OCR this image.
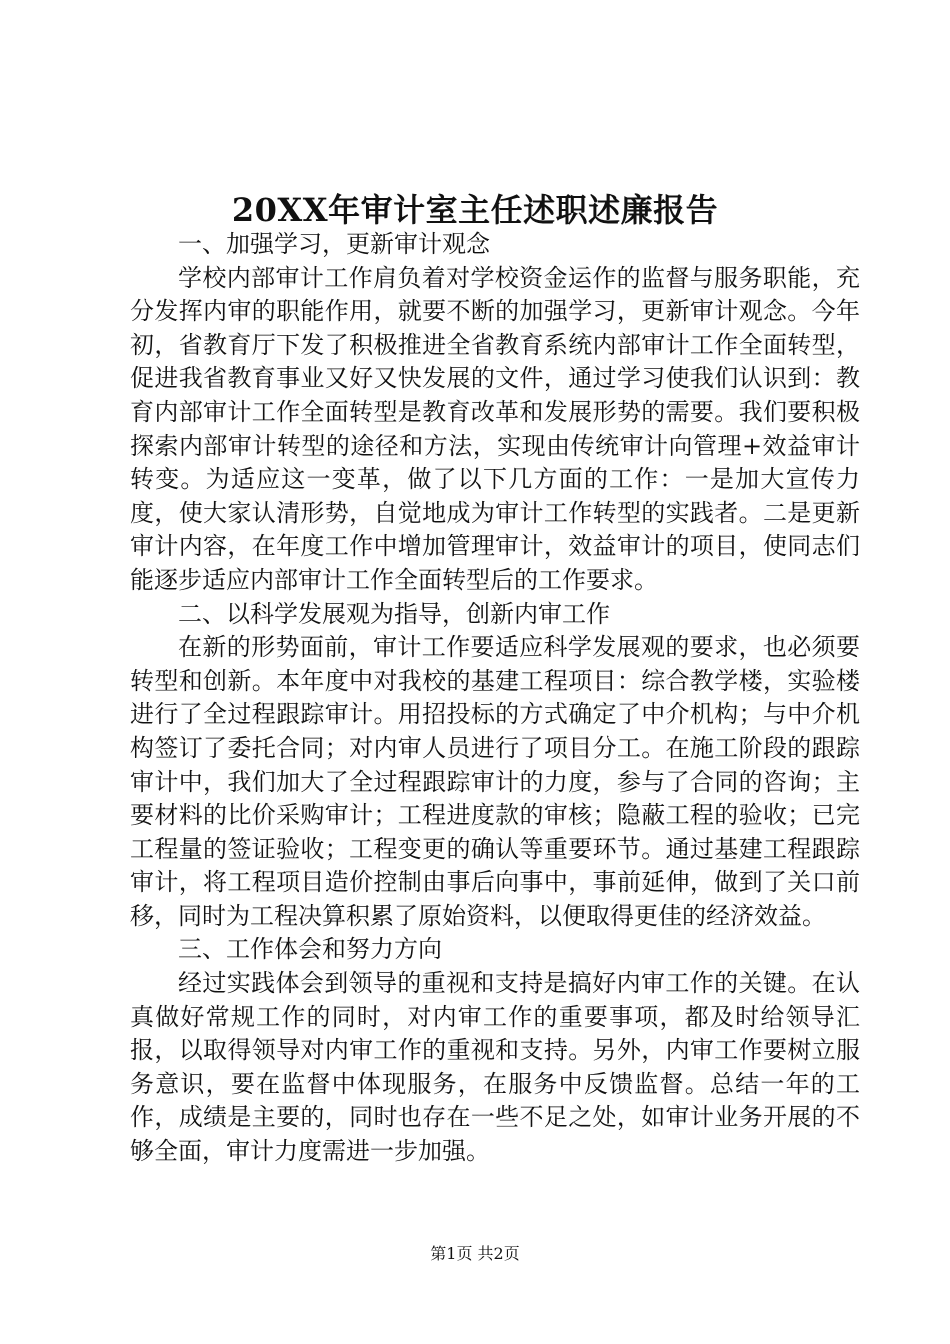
20XX年审计室主任述职述廉报告

一、加强学习，更新审计观念

学校内部审计工作肩负着对学校资金运作的监督与服务职能，充分发挥内审的职能作用，就要不断的加强学习，更新审计观念。今年初，省教育厅下发了积极推进全省教育系统内部审计工作全面转型，促进我省教育事业又好又快发展的文件，通过学习使我们认识到：教育内部审计工作全面转型是教育改革和发展形势的需要。我们要积极探索内部审计转型的途径和方法，实现由传统审计向管理+效益审计转变。为适应这一变革，做了以下几方面的工作：一是加大宣传力度，使大家认清形势，自觉地成为审计工作转型的实践者。二是更新审计内容，在年度工作中增加管理审计，效益审计的项目，使同志们能逐步适应内部审计工作全面转型后的工作要求。

二、以科学发展观为指导，创新内审工作

在新的形势面前，审计工作要适应科学发展观的要求，也必须要转型和创新。本年度中对我校的基建工程项目：综合教学楼，实验楼进行了全过程跟踪审计。用招投标的方式确定了中介机构；与中介机构签订了委托合同；对内审人员进行了项目分工。在施工阶段的跟踪审计中，我们加大了全过程跟踪审计的力度，参与了合同的咨询；主要材料的比价采购审计；工程进度款的审核；隐蔽工程的验收；已完工程量的签证验收；工程变更的确认等重要环节。通过基建工程跟踪审计，将工程项目造价控制由事后向事中，事前延伸，做到了关口前移，同时为工程决算积累了原始资料，以便取得更佳的经济效益。

三、工作体会和努力方向

经过实践体会到领导的重视和支持是搞好内审工作的关键。在认真做好常规工作的同时，对内审工作的重要事项，都及时给领导汇报，以取得领导对内审工作的重视和支持。另外，内审工作要树立服务意识，要在监督中体现服务，在服务中反馈监督。总结一年的工作，成绩是主要的，同时也存在一些不足之处，如审计业务开展的不够全面，审计力度需进一步加强。

第1页 共2页
